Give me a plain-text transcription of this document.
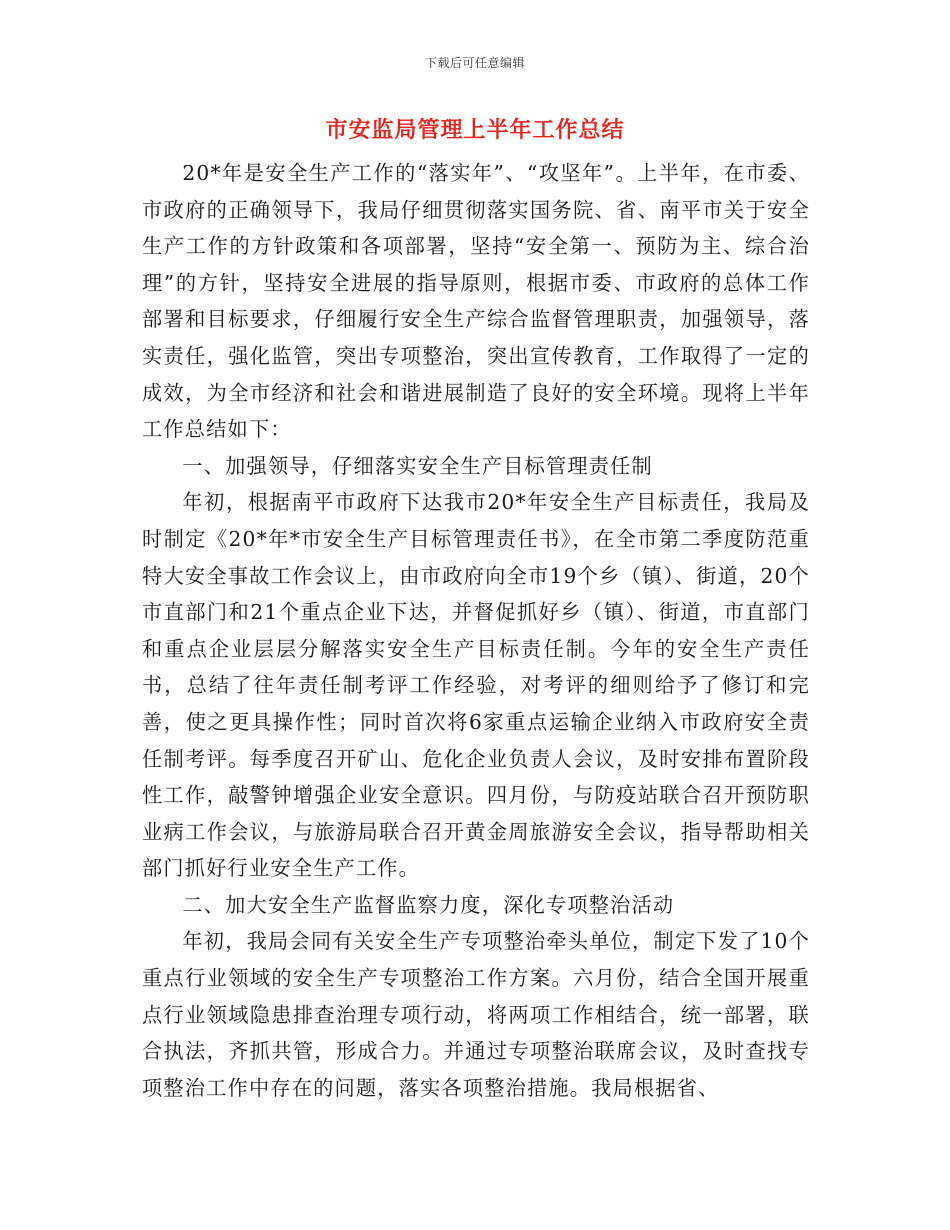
下载后可任意编辑
市安监局管理上半年工作总结

20*年是安全生产工作的“落实年”、“攻坚年”。上半年，在市委、市政府的正确领导下，我局仔细贯彻落实国务院、省、南平市关于安全生产工作的方针政策和各项部署，坚持“安全第一、预防为主、综合治理”的方针，坚持安全进展的指导原则，根据市委、市政府的总体工作部署和目标要求，仔细履行安全生产综合监督管理职责，加强领导，落实责任，强化监管，突出专项整治，突出宣传教育，工作取得了一定的成效，为全市经济和社会和谐进展制造了良好的安全环境。现将上半年工作总结如下：

一、加强领导，仔细落实安全生产目标管理责任制

年初，根据南平市政府下达我市20*年安全生产目标责任，我局及时制定《20*年*市安全生产目标管理责任书》，在全市第二季度防范重特大安全事故工作会议上，由市政府向全市19个乡（镇）、街道，20个市直部门和21个重点企业下达，并督促抓好乡（镇）、街道，市直部门和重点企业层层分解落实安全生产目标责任制。今年的安全生产责任书，总结了往年责任制考评工作经验，对考评的细则给予了修订和完善，使之更具操作性；同时首次将6家重点运输企业纳入市政府安全责任制考评。每季度召开矿山、危化企业负责人会议，及时安排布置阶段性工作，敲警钟增强企业安全意识。四月份，与防疫站联合召开预防职业病工作会议，与旅游局联合召开黄金周旅游安全会议，指导帮助相关部门抓好行业安全生产工作。

二、加大安全生产监督监察力度，深化专项整治活动

年初，我局会同有关安全生产专项整治牵头单位，制定下发了10个重点行业领域的安全生产专项整治工作方案。六月份，结合全国开展重点行业领域隐患排查治理专项行动，将两项工作相结合，统一部署，联合执法，齐抓共管，形成合力。并通过专项整治联席会议，及时查找专项整治工作中存在的问题，落实各项整治措施。我局根据省、
